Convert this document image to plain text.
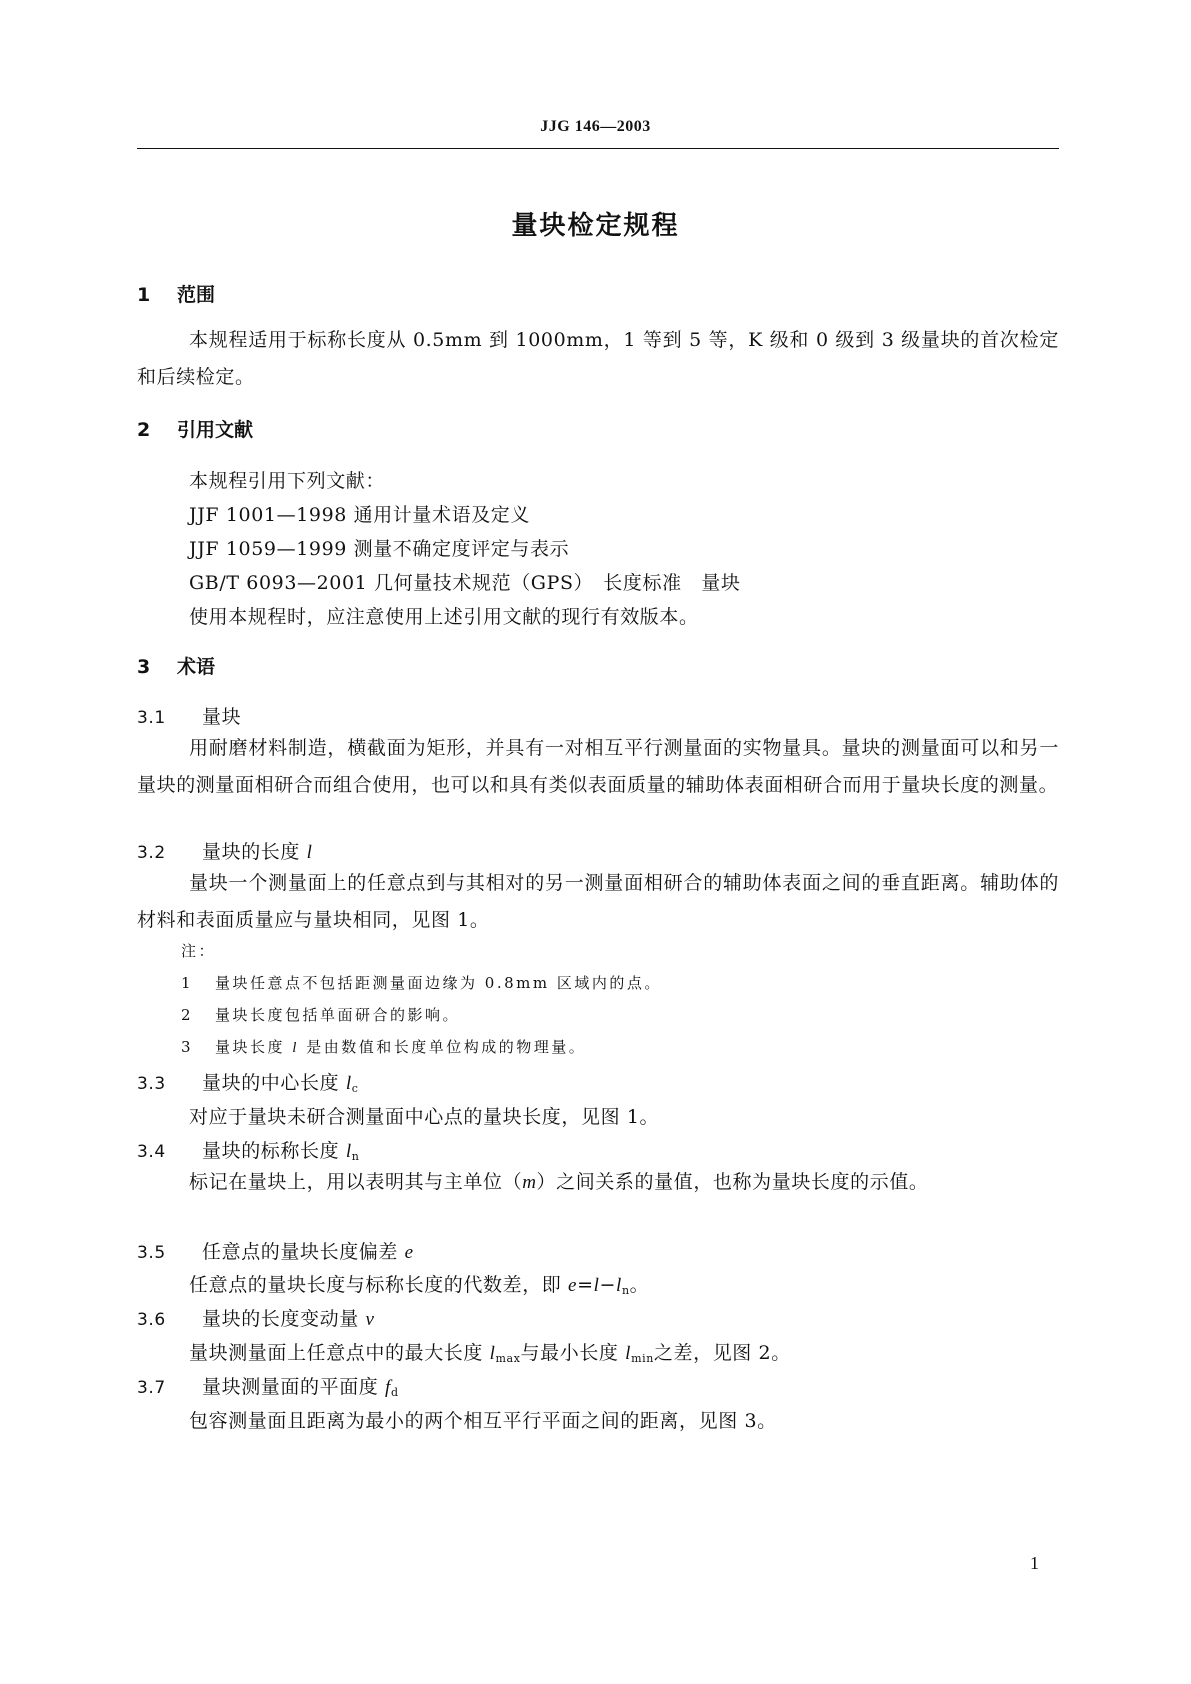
JJG 146—2003
量块检定规程
1 范围
本规程适用于标称长度从 0.5mm 到 1000mm，1 等到 5 等，K 级和 0 级到 3 级量块的首次检定和后续检定。
2 引用文献
本规程引用下列文献：
JJF 1001—1998 通用计量术语及定义
JJF 1059—1999 测量不确定度评定与表示
GB/T 6093—2001 几何量技术规范（GPS）　长度标准　量块
使用本规程时，应注意使用上述引用文献的现行有效版本。
3 术语
3.1 量块
用耐磨材料制造，横截面为矩形，并具有一对相互平行测量面的实物量具。量块的测量面可以和另一量块的测量面相研合而组合使用，也可以和具有类似表面质量的辅助体表面相研合而用于量块长度的测量。
3.2 量块的长度 l
量块一个测量面上的任意点到与其相对的另一测量面相研合的辅助体表面之间的垂直距离。辅助体的材料和表面质量应与量块相同，见图 1。
注：
1 量块任意点不包括距测量面边缘为 0.8mm 区域内的点。
2 量块长度包括单面研合的影响。
3 量块长度 l 是由数值和长度单位构成的物理量。
3.3 量块的中心长度 lc
对应于量块未研合测量面中心点的量块长度，见图 1。
3.4 量块的标称长度 ln
标记在量块上，用以表明其与主单位（m）之间关系的量值，也称为量块长度的示值。
3.5 任意点的量块长度偏差 e
任意点的量块长度与标称长度的代数差，即 e=l−ln。
3.6 量块的长度变动量 v
量块测量面上任意点中的最大长度 lmax与最小长度 lmin之差，见图 2。
3.7 量块测量面的平面度 fd
包容测量面且距离为最小的两个相互平行平面之间的距离，见图 3。
1
